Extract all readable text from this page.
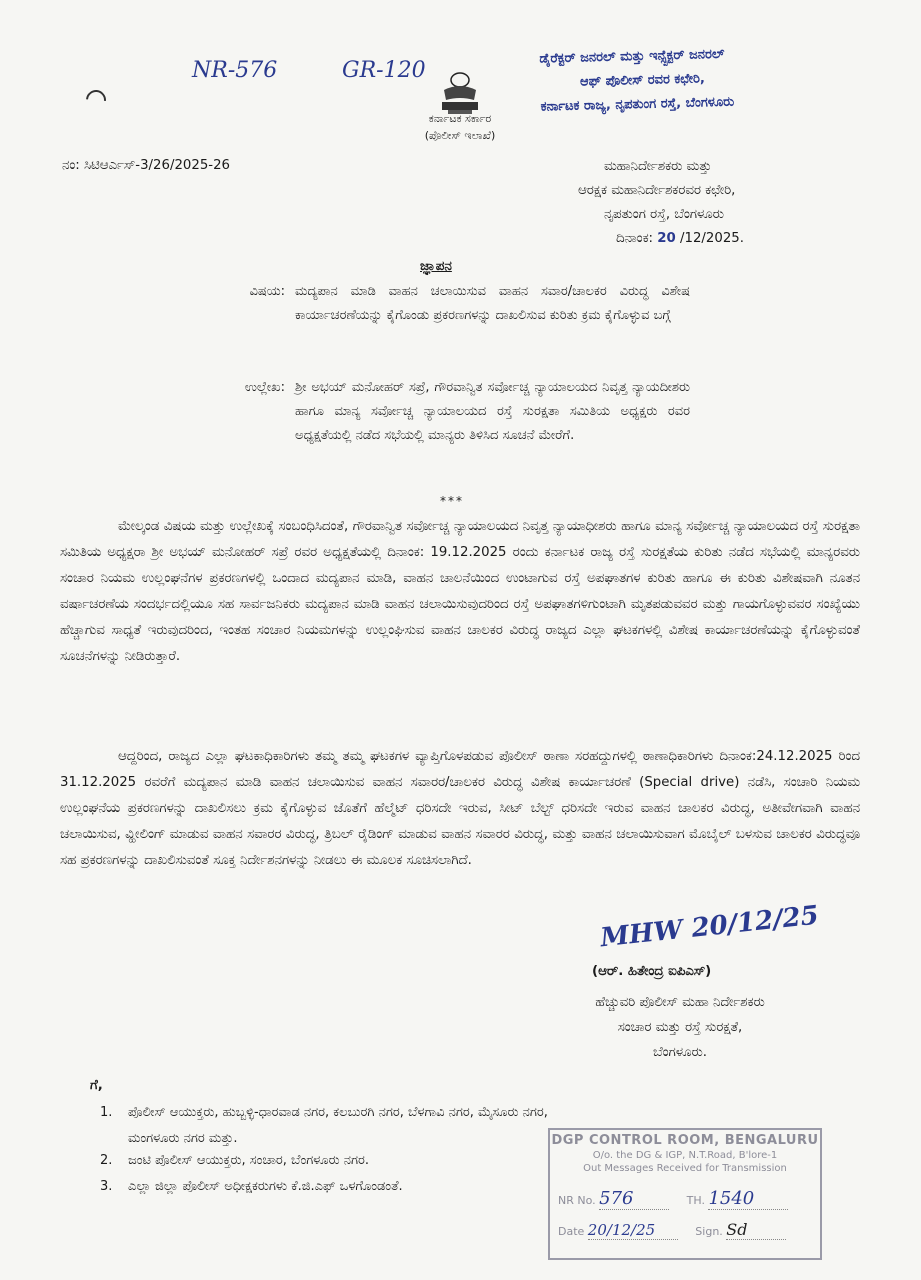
NR-576	GR-120
ಕರ್ನಾಟಕ ಸರ್ಕಾರ
(ಪೊಲೀಸ್ ಇಲಾಖೆ)
ಡೈರೆಕ್ಟರ್ ಜನರಲ್ ಮತ್ತು ಇನ್ಸ್ಪೆಕ್ಟರ್ ಜನರಲ್
ಆಫ್ ಪೊಲೀಸ್ ರವರ ಕಛೇರಿ,
ಕರ್ನಾಟಕ ರಾಜ್ಯ, ನೃಪತುಂಗ ರಸ್ತೆ, ಬೆಂಗಳೂರು
ನಂ: ಸಿಟಿಆರ್ಎಸ್-3/26/2025-26	ಮಹಾನಿರ್ದೇಶಕರು ಮತ್ತು
ಆರಕ್ಷಕ ಮಹಾನಿರ್ದೇಶಕರವರ ಕಛೇರಿ,
ನೃಪತುಂಗ ರಸ್ತೆ, ಬೆಂಗಳೂರು
ದಿನಾಂಕ: 20 /12/2025.
ಜ್ಞಾಪನ
ವಿಷಯ: ಮದ್ಯಪಾನ ಮಾಡಿ ವಾಹನ ಚಲಾಯಿಸುವ ವಾಹನ ಸವಾರ/ಚಾಲಕರ ವಿರುದ್ಧ ವಿಶೇಷ ಕಾರ್ಯಾಚರಣೆಯನ್ನು ಕೈಗೊಂಡು ಪ್ರಕರಣಗಳನ್ನು ದಾಖಲಿಸುವ ಕುರಿತು ಕ್ರಮ ಕೈಗೊಳ್ಳುವ ಬಗ್ಗೆ
ಉಲ್ಲೇಖ: ಶ್ರೀ ಅಭಯ್ ಮನೋಹರ್ ಸಪ್ರೆ, ಗೌರವಾನ್ವಿತ ಸರ್ವೋಚ್ಚ ನ್ಯಾಯಾಲಯದ ನಿವೃತ್ತ ನ್ಯಾಯದೀಶರು ಹಾಗೂ ಮಾನ್ಯ ಸರ್ವೋಚ್ಚ ನ್ಯಾಯಾಲಯದ ರಸ್ತೆ ಸುರಕ್ಷತಾ ಸಮಿತಿಯ ಅಧ್ಯಕ್ಷರು ರವರ ಅಧ್ಯಕ್ಷತೆಯಲ್ಲಿ ನಡೆದ ಸಭೆಯಲ್ಲಿ ಮಾನ್ಯರು ತಿಳಿಸಿದ ಸೂಚನೆ ಮೇರೆಗೆ.
***
ಮೇಲ್ಕಂಡ ವಿಷಯ ಮತ್ತು ಉಲ್ಲೇಖಕ್ಕೆ ಸಂಬಂಧಿಸಿದಂತೆ, ಗೌರವಾನ್ವಿತ ಸರ್ವೋಚ್ಚ ನ್ಯಾಯಾಲಯದ ನಿವೃತ್ತ ನ್ಯಾಯಾಧೀಶರು ಹಾಗೂ ಮಾನ್ಯ ಸರ್ವೋಚ್ಚ ನ್ಯಾಯಾಲಯದ ರಸ್ತೆ ಸುರಕ್ಷತಾ ಸಮಿತಿಯ ಅಧ್ಯಕ್ಷರಾ ಶ್ರೀ ಅಭಯ್ ಮನೋಹರ್ ಸಪ್ರೆ ರವರ ಅಧ್ಯಕ್ಷತೆಯಲ್ಲಿ ದಿನಾಂಕ: 19.12.2025 ರಂದು ಕರ್ನಾಟಕ ರಾಜ್ಯ ರಸ್ತೆ ಸುರಕ್ಷತೆಯ ಕುರಿತು ನಡೆದ ಸಭೆಯಲ್ಲಿ ಮಾನ್ಯರವರು ಸಂಚಾರ ನಿಯಮ ಉಲ್ಲಂಘನೆಗಳ ಪ್ರಕರಣಗಳಲ್ಲಿ ಒಂದಾದ ಮದ್ಯಪಾನ ಮಾಡಿ, ವಾಹನ ಚಾಲನೆಯಿಂದ ಉಂಟಾಗುವ ರಸ್ತೆ ಅಪಘಾತಗಳ ಕುರಿತು ಹಾಗೂ ಈ ಕುರಿತು ವಿಶೇಷವಾಗಿ ನೂತನ ವರ್ಷಾಚರಣೆಯ ಸಂದರ್ಭದಲ್ಲಿಯೂ ಸಹ ಸಾರ್ವಜನಿಕರು ಮದ್ಯಪಾನ ಮಾಡಿ ವಾಹನ ಚಲಾಯಿಸುವುದರಿಂದ ರಸ್ತೆ ಅಪಘಾತಗಳಿಗುಂಟಾಗಿ ಮೃತಪಡುವವರ ಮತ್ತು ಗಾಯಗೊಳ್ಳುವವರ ಸಂಖ್ಯೆಯು ಹೆಚ್ಚಾಗುವ ಸಾಧ್ಯತೆ ಇರುವುದರಿಂದ, ಇಂತಹ ಸಂಚಾರ ನಿಯಮಗಳನ್ನು ಉಲ್ಲಂಘಿಸುವ ವಾಹನ ಚಾಲಕರ ವಿರುದ್ಧ ರಾಜ್ಯದ ಎಲ್ಲಾ ಘಟಕಗಳಲ್ಲಿ ವಿಶೇಷ ಕಾರ್ಯಾಚರಣೆಯನ್ನು ಕೈಗೊಳ್ಳುವಂತೆ ಸೂಚನೆಗಳನ್ನು ನೀಡಿರುತ್ತಾರೆ.
ಆದ್ದರಿಂದ, ರಾಜ್ಯದ ಎಲ್ಲಾ ಘಟಕಾಧಿಕಾರಿಗಳು ತಮ್ಮ ತಮ್ಮ ಘಟಕಗಳ ವ್ಯಾಪ್ತಿಗೊಳಪಡುವ ಪೊಲೀಸ್ ಠಾಣಾ ಸರಹದ್ದುಗಳಲ್ಲಿ ಠಾಣಾಧಿಕಾರಿಗಳು ದಿನಾಂಕ:24.12.2025 ರಿಂದ 31.12.2025 ರವರೆಗೆ ಮದ್ಯಪಾನ ಮಾಡಿ ವಾಹನ ಚಲಾಯಿಸುವ ವಾಹನ ಸವಾರರ/ಚಾಲಕರ ವಿರುದ್ಧ ವಿಶೇಷ ಕಾರ್ಯಾಚರಣೆ (Special drive) ನಡೆಸಿ, ಸಂಚಾರಿ ನಿಯಮ ಉಲ್ಲಂಘನೆಯ ಪ್ರಕರಣಗಳನ್ನು ದಾಖಲಿಸಲು ಕ್ರಮ ಕೈಗೊಳ್ಳುವ ಜೊತೆಗೆ ಹೆಲ್ಮೆಟ್ ಧರಿಸದೇ ಇರುವ, ಸೀಟ್ ಬೆಲ್ಟ್ ಧರಿಸದೇ ಇರುವ ವಾಹನ ಚಾಲಕರ ವಿರುದ್ಧ, ಅತೀವೇಗವಾಗಿ ವಾಹನ ಚಲಾಯಿಸುವ, ವ್ಹೀಲಿಂಗ್ ಮಾಡುವ ವಾಹನ ಸವಾರರ ವಿರುದ್ಧ, ತ್ರಿಬಲ್ ರೈಡಿಂಗ್ ಮಾಡುವ ವಾಹನ ಸವಾರರ ವಿರುದ್ಧ, ಮತ್ತು ವಾಹನ ಚಲಾಯಿಸುವಾಗ ಮೊಬೈಲ್ ಬಳಸುವ ಚಾಲಕರ ವಿರುದ್ಧವೂ ಸಹ ಪ್ರಕರಣಗಳನ್ನು ದಾಖಲಿಸುವಂತೆ ಸೂಕ್ತ ನಿರ್ದೇಶನಗಳನ್ನು ನೀಡಲು ಈ ಮೂಲಕ ಸೂಚಿಸಲಾಗಿದೆ.
MHW 20/12/25
(ಆರ್. ಹಿತೇಂದ್ರ ಐಪಿಎಸ್)
ಹೆಚ್ಚುವರಿ ಪೊಲೀಸ್ ಮಹಾ ನಿರ್ದೇಶಕರು
ಸಂಚಾರ ಮತ್ತು ರಸ್ತೆ ಸುರಕ್ಷತೆ,
ಬೆಂಗಳೂರು.
ಗೆ,
1. ಪೊಲೀಸ್ ಆಯುಕ್ತರು, ಹುಬ್ಬಳ್ಳಿ-ಧಾರವಾಡ ನಗರ, ಕಲಬುರಗಿ ನಗರ, ಬೆಳಗಾವಿ ನಗರ, ಮೈಸೂರು ನಗರ,
ಮಂಗಳೂರು ನಗರ ಮತ್ತು.
2. ಜಂಟಿ ಪೊಲೀಸ್ ಆಯುಕ್ತರು, ಸಂಚಾರ, ಬೆಂಗಳೂರು ನಗರ.
3. ಎಲ್ಲಾ ಜಿಲ್ಲಾ ಪೊಲೀಸ್ ಅಧೀಕ್ಷಕರುಗಳು ಕೆ.ಜಿ.ಎಫ್ ಒಳಗೊಂಡಂತೆ.
DGP CONTROL ROOM, BENGALURU
O/o. the DG & IGP, N.T.Road, B'lore-1
Out Messages Received for Transmission
NR No. 576	TH. 1540
Date 20/12/25	Sign. Sd
